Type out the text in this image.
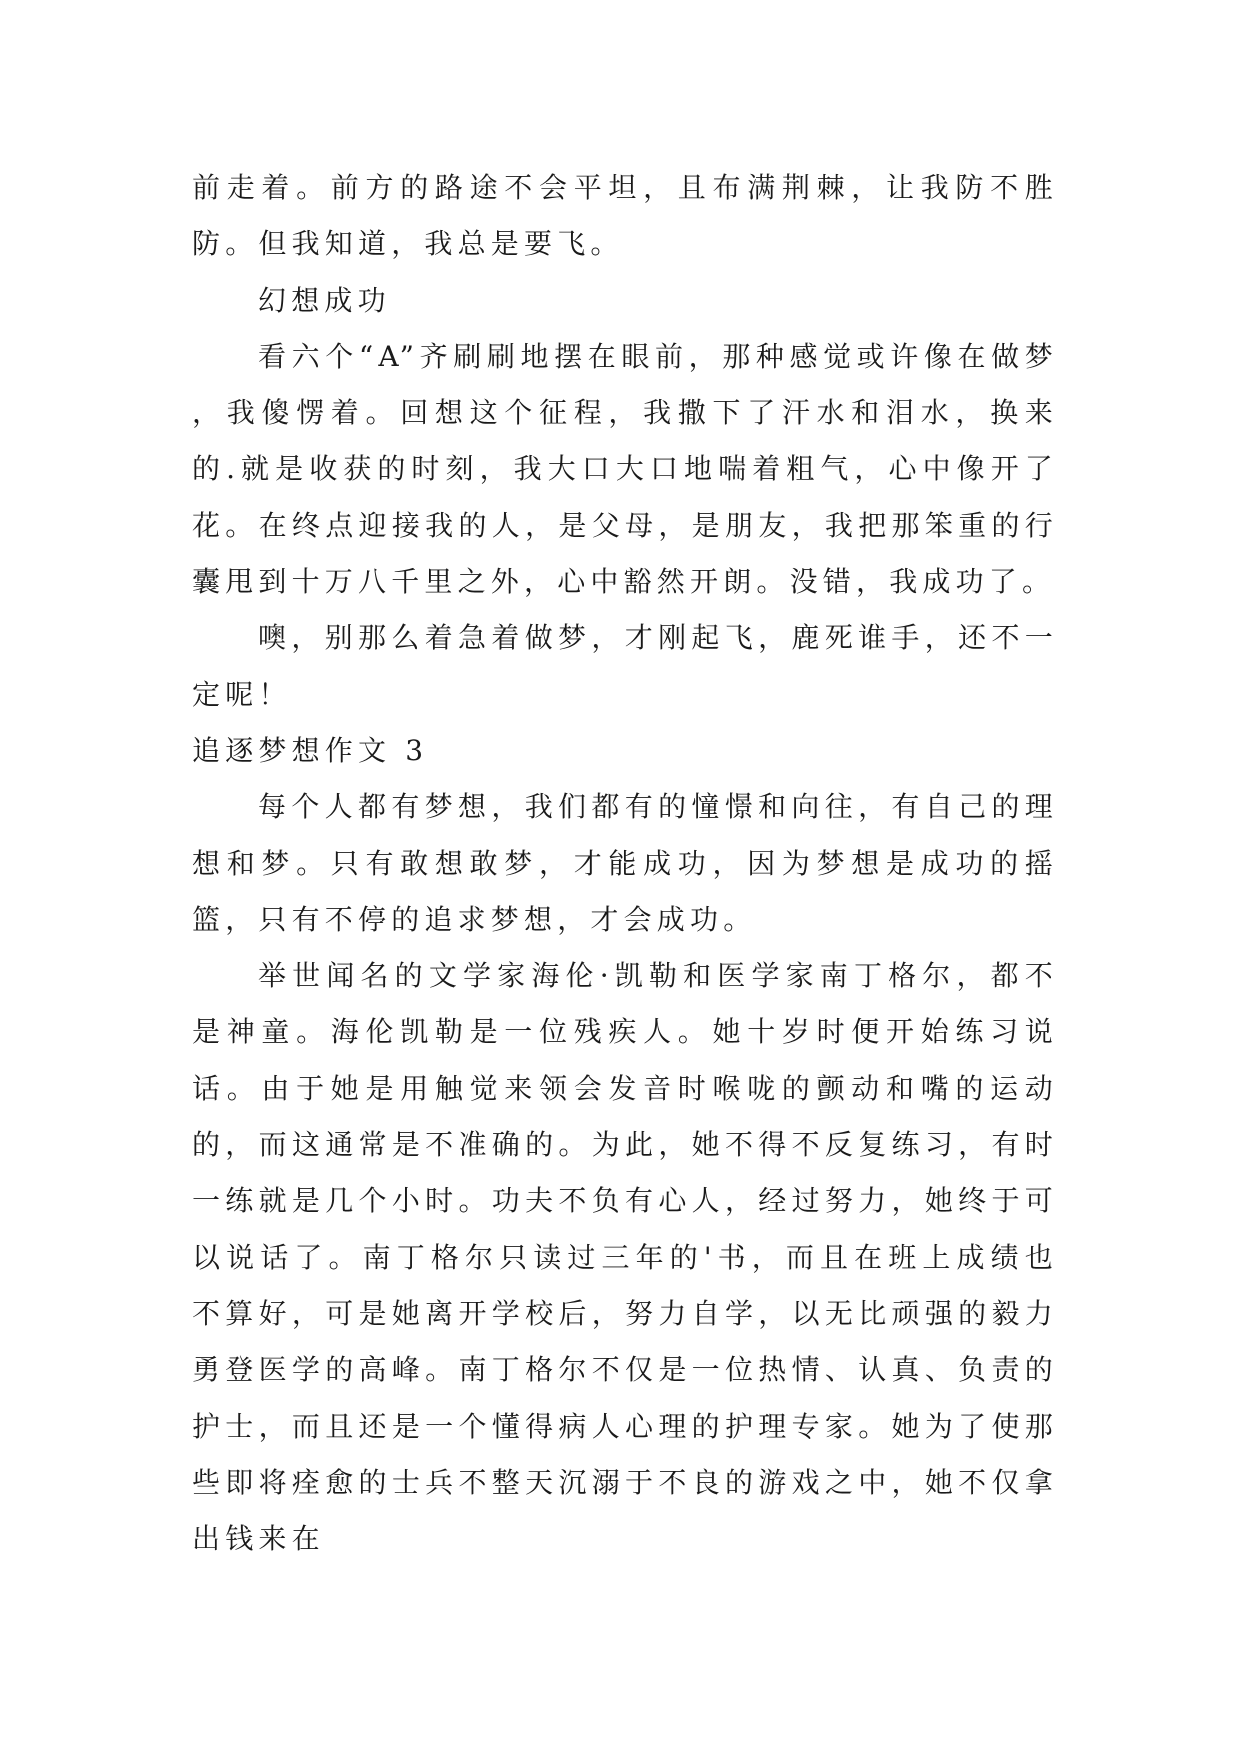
前走着。前方的路途不会平坦，且布满荆棘，让我防不胜防。但我知道，我总是要飞。

幻想成功

看六个“A”齐刷刷地摆在眼前，那种感觉或许像在做梦 ，我傻愣着。回想这个征程，我撒下了汗水和泪水，换来的.就是收获的时刻，我大口大口地喘着粗气，心中像开了花。在终点迎接我的人，是父母，是朋友，我把那笨重的行囊甩到十万八千里之外，心中豁然开朗。没错，我成功了。

噢，别那么着急着做梦，才刚起飞，鹿死谁手，还不一定呢！

追逐梦想作文 3

每个人都有梦想，我们都有的憧憬和向往，有自己的理想和梦。只有敢想敢梦，才能成功，因为梦想是成功的摇篮，只有不停的追求梦想，才会成功。

举世闻名的文学家海伦·凯勒和医学家南丁格尔，都不是神童。海伦凯勒是一位残疾人。她十岁时便开始练习说话。由于她是用触觉来领会发音时喉咙的颤动和嘴的运动的，而这通常是不准确的。为此，她不得不反复练习，有时一练就是几个小时。功夫不负有心人，经过努力，她终于可以说话了。南丁格尔只读过三年的'书，而且在班上成绩也不算好，可是她离开学校后，努力自学，以无比顽强的毅力勇登医学的高峰。南丁格尔不仅是一位热情、认真、负责的护士，而且还是一个懂得病人心理的护理专家。她为了使那些即将痊愈的士兵不整天沉溺于不良的游戏之中，她不仅拿出钱来在
